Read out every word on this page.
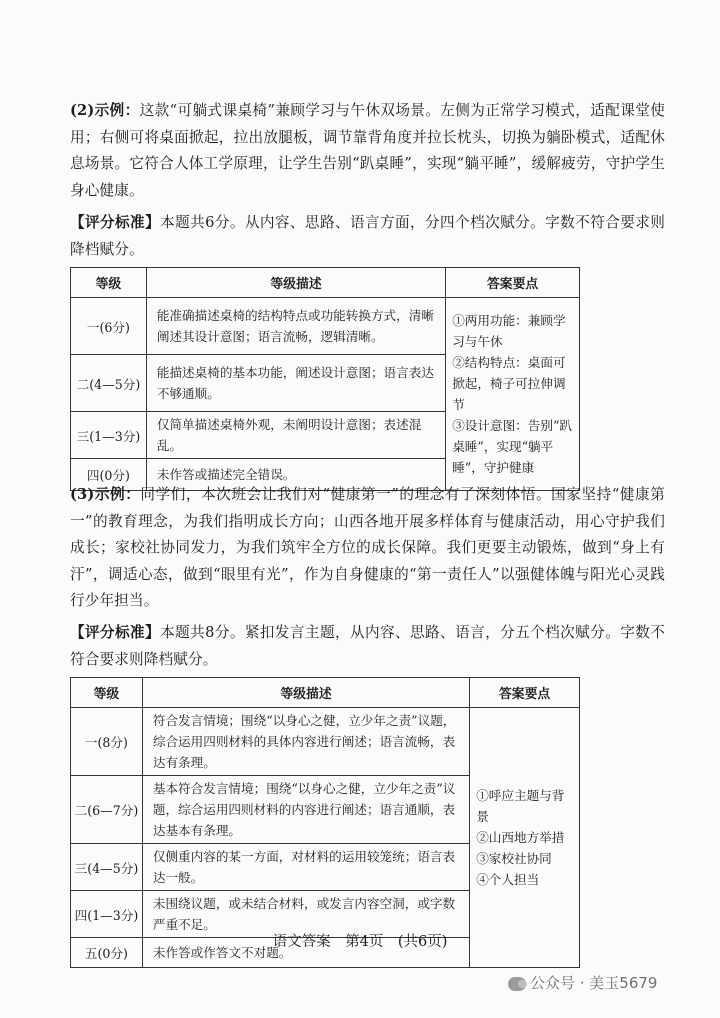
(2)示例：这款“可躺式课桌椅”兼顾学习与午休双场景。左侧为正常学习模式，适配课堂使用；右侧可将桌面掀起，拉出放腿板，调节靠背角度并拉长枕头，切换为躺卧模式，适配休息场景。它符合人体工学原理，让学生告别“趴桌睡”，实现“躺平睡”，缓解疲劳，守护学生身心健康。
【评分标准】本题共6分。从内容、思路、语言方面，分四个档次赋分。字数不符合要求则降档赋分。
等级	等级描述	答案要点
一(6分)	能准确描述桌椅的结构特点或功能转换方式，清晰阐述其设计意图；语言流畅，逻辑清晰。	①两用功能：兼顾学习与午休
②结构特点：桌面可掀起，椅子可拉伸调节
③设计意图：告别“趴桌睡”，实现“躺平睡”，守护健康

二(4—5分)	能描述桌椅的基本功能，阐述设计意图；语言表达不够通顺。	
三(1—3分)	仅简单描述桌椅外观，未阐明设计意图；表述混乱。	
四(0分)	未作答或描述完全错误。	
(3)示例：同学们，本次班会让我们对“健康第一”的理念有了深刻体悟。国家坚持“健康第一”的教育理念，为我们指明成长方向；山西各地开展多样体育与健康活动，用心守护我们成长；家校社协同发力，为我们筑牢全方位的成长保障。我们更要主动锻炼，做到“身上有汗”，调适心态，做到“眼里有光”，作为自身健康的“第一责任人”以强健体魄与阳光心灵践行少年担当。
【评分标准】本题共8分。紧扣发言主题，从内容、思路、语言，分五个档次赋分。字数不符合要求则降档赋分。
等级	等级描述	答案要点
一(8分)	符合发言情境；围绕“以身心之健，立少年之责”议题，综合运用四则材料的具体内容进行阐述；语言流畅，表达有条理。	①呼应主题与背景
②山西地方举措
③家校社协同
④个人担当

二(6—7分)	基本符合发言情境；围绕“以身心之健，立少年之责”议题，综合运用四则材料的内容进行阐述；语言通顺，表达基本有条理。	
三(4—5分)	仅侧重内容的某一方面，对材料的运用较笼统；语言表达一般。	
四(1—3分)	未围绕议题，或未结合材料，或发言内容空洞，或字数严重不足。	
五(0分)	未作答或作答文不对题。	
语文答案　第4页　(共6页)
公众号 · 美玉5679
